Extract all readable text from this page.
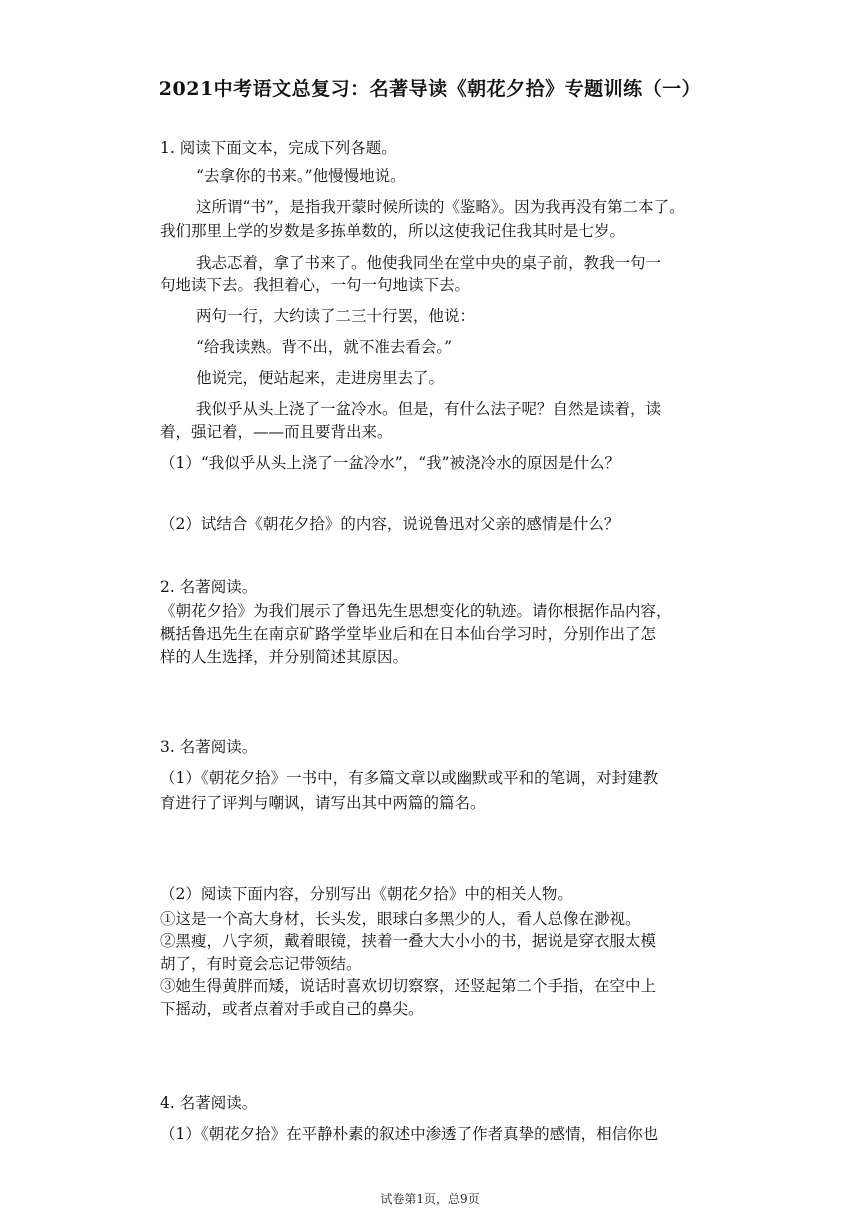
2021中考语文总复习：名著导读《朝花夕拾》专题训练（一）
1. 阅读下面文本，完成下列各题。
“去拿你的书来。”他慢慢地说。
这所谓“书”，是指我开蒙时候所读的《鉴略》。因为我再没有第二本了。
我们那里上学的岁数是多拣单数的，所以这使我记住我其时是七岁。
我忐忑着，拿了书来了。他使我同坐在堂中央的桌子前，教我一句一
句地读下去。我担着心，一句一句地读下去。
两句一行，大约读了二三十行罢，他说：
“给我读熟。背不出，就不准去看会。”
他说完，便站起来，走进房里去了。
我似乎从头上浇了一盆冷水。但是，有什么法子呢？自然是读着，读
着，强记着，——而且要背出来。
（1）“我似乎从头上浇了一盆冷水”，“我”被浇冷水的原因是什么？
（2）试结合《朝花夕拾》的内容，说说鲁迅对父亲的感情是什么？
2. 名著阅读。
《朝花夕拾》为我们展示了鲁迅先生思想变化的轨迹。请你根据作品内容，
概括鲁迅先生在南京矿路学堂毕业后和在日本仙台学习时，分别作出了怎
样的人生选择，并分别简述其原因。
3. 名著阅读。
（1）《朝花夕拾》一书中，有多篇文章以或幽默或平和的笔调，对封建教
育进行了评判与嘲讽，请写出其中两篇的篇名。
（2）阅读下面内容，分别写出《朝花夕拾》中的相关人物。
①这是一个高大身材，长头发，眼球白多黑少的人，看人总像在渺视。
②黑瘦，八字须，戴着眼镜，挟着一叠大大小小的书，据说是穿衣服太模
胡了，有时竟会忘记带领结。
③她生得黄胖而矮，说话时喜欢切切察察，还竖起第二个手指，在空中上
下摇动，或者点着对手或自己的鼻尖。
4. 名著阅读。
（1）《朝花夕拾》在平静朴素的叙述中渗透了作者真挚的感情，相信你也
试卷第1页，总9页
